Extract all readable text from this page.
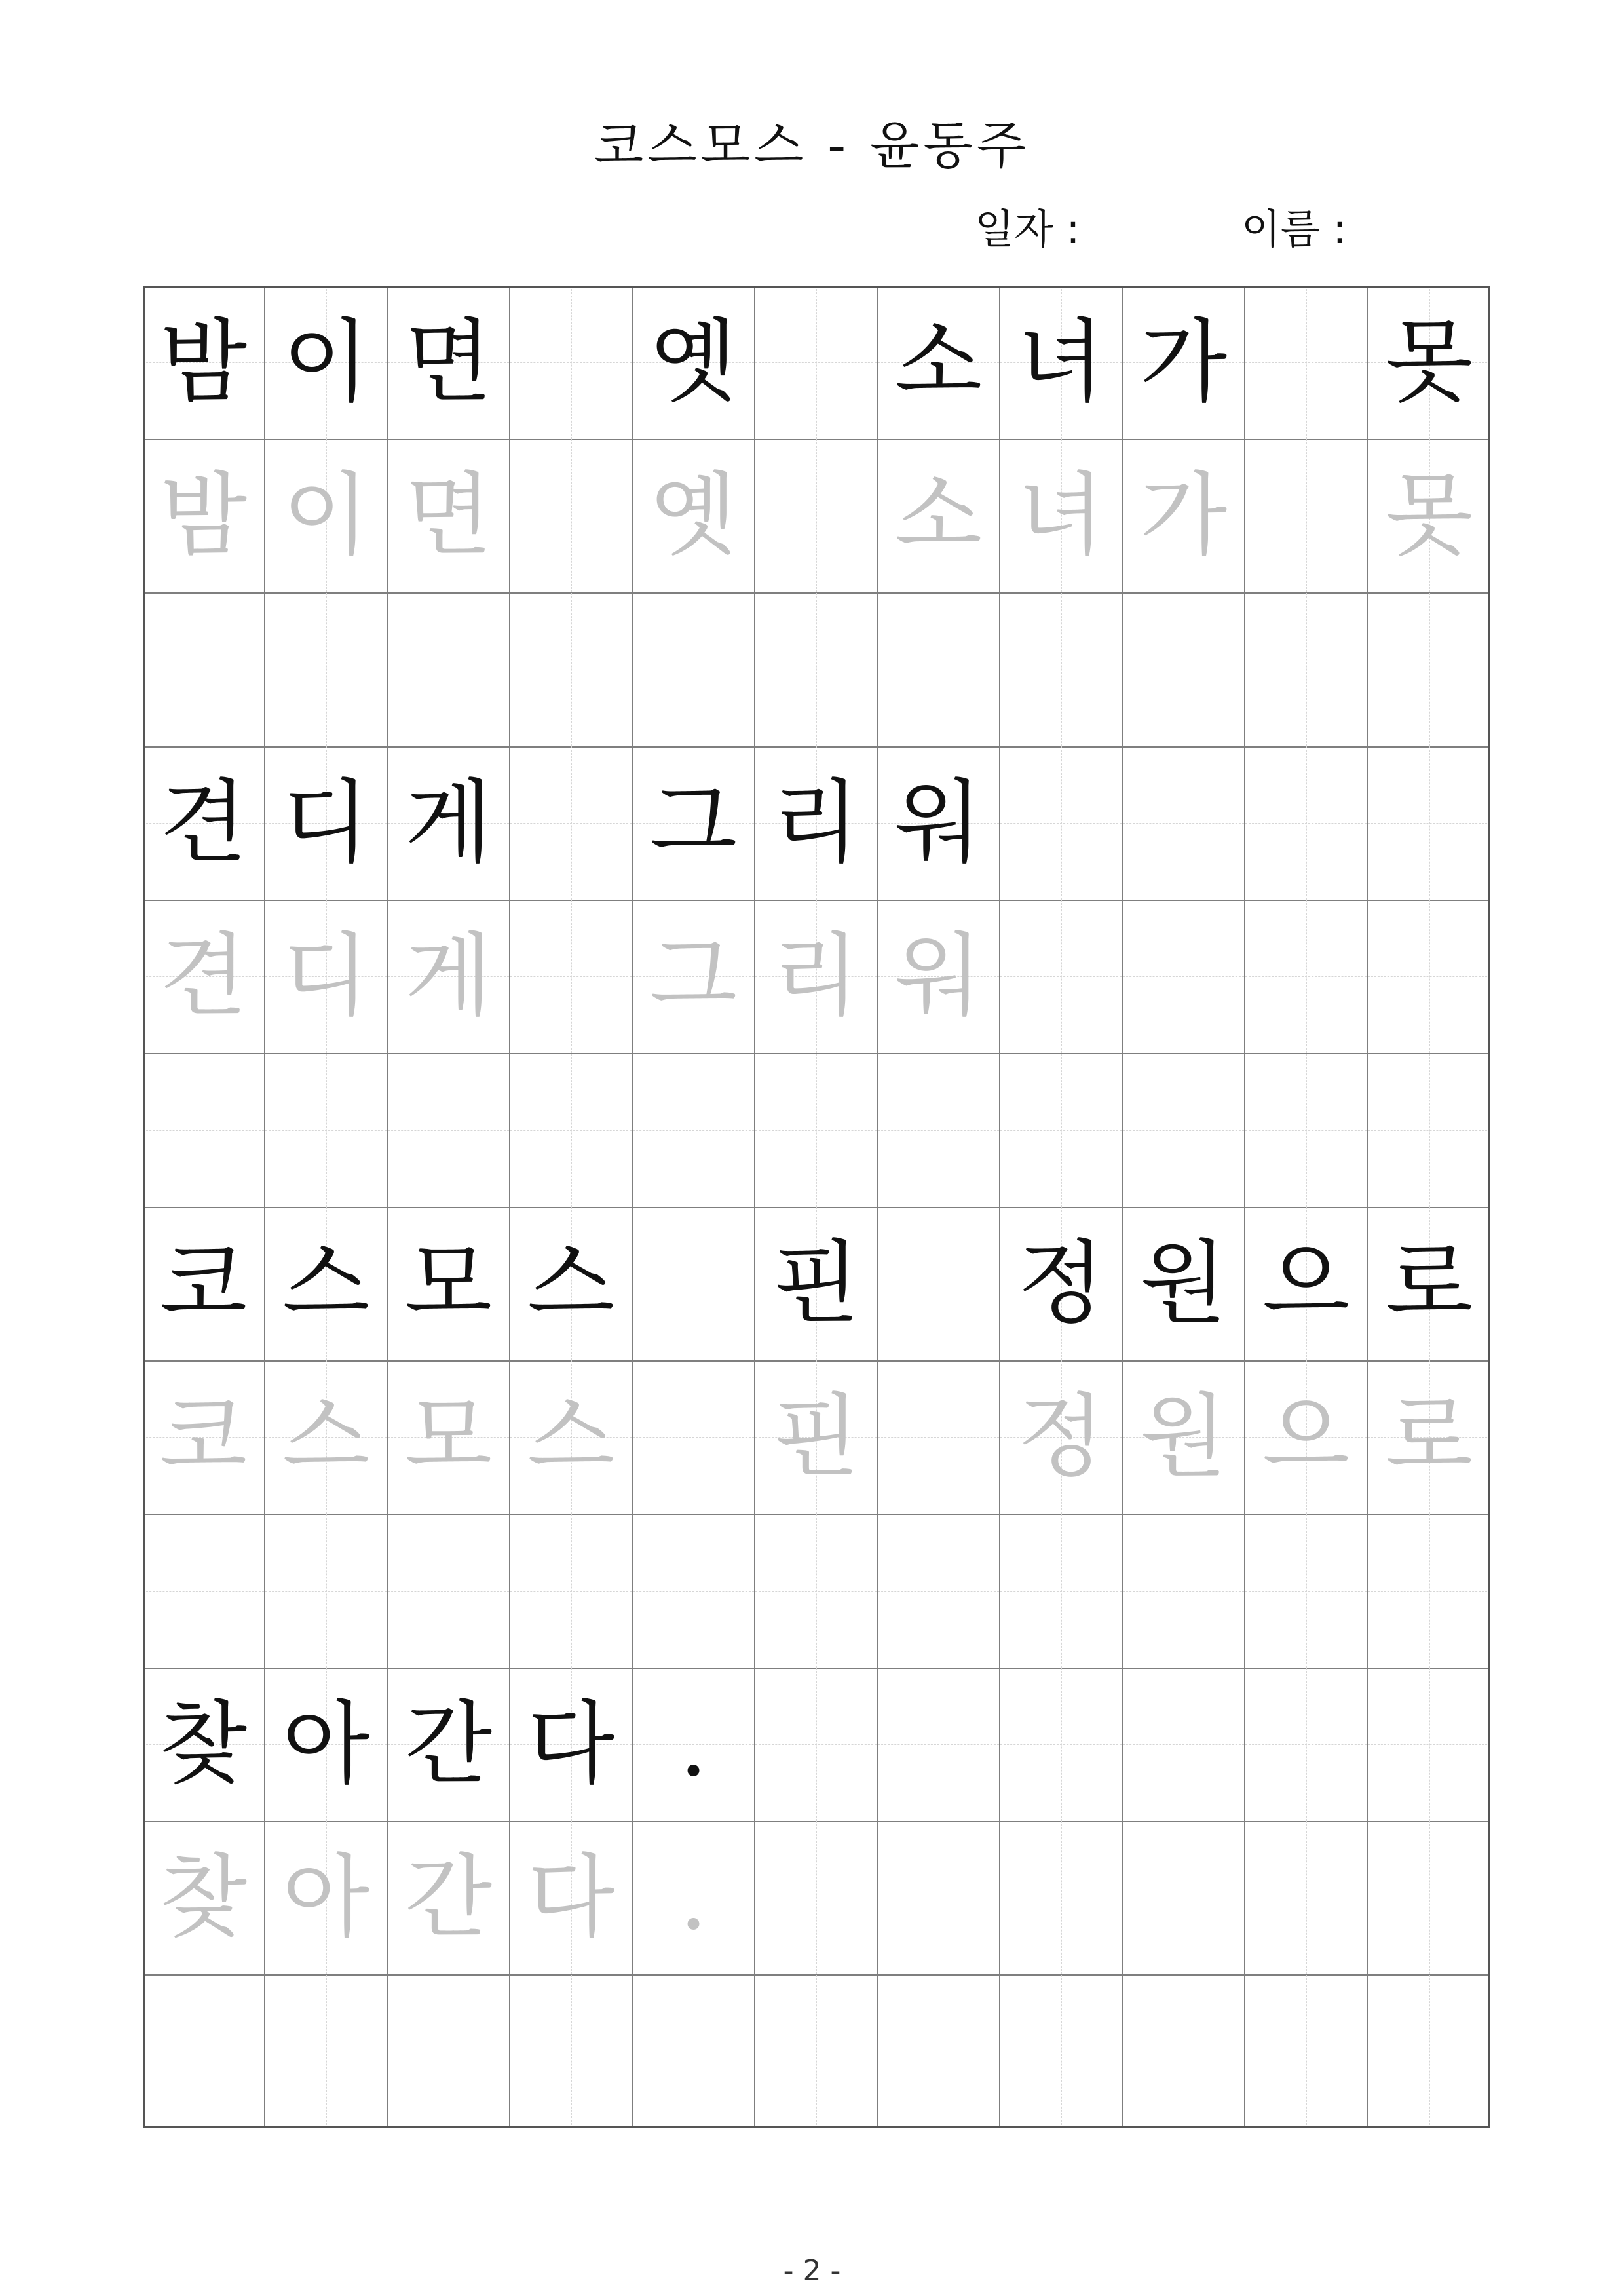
코스모스 - 윤동주
일자 :	이름 :
밤 이 면 옛 소 녀 가 못
밤 이 면 옛 소 녀 가 못
견 디 게 그 리 워
견 디 게 그 리 워
코 스 모 스 핀 정 원 으 로
코 스 모 스 핀 정 원 으 로
찾 아 간 다 .
찾 아 간 다 .
- 2 -
